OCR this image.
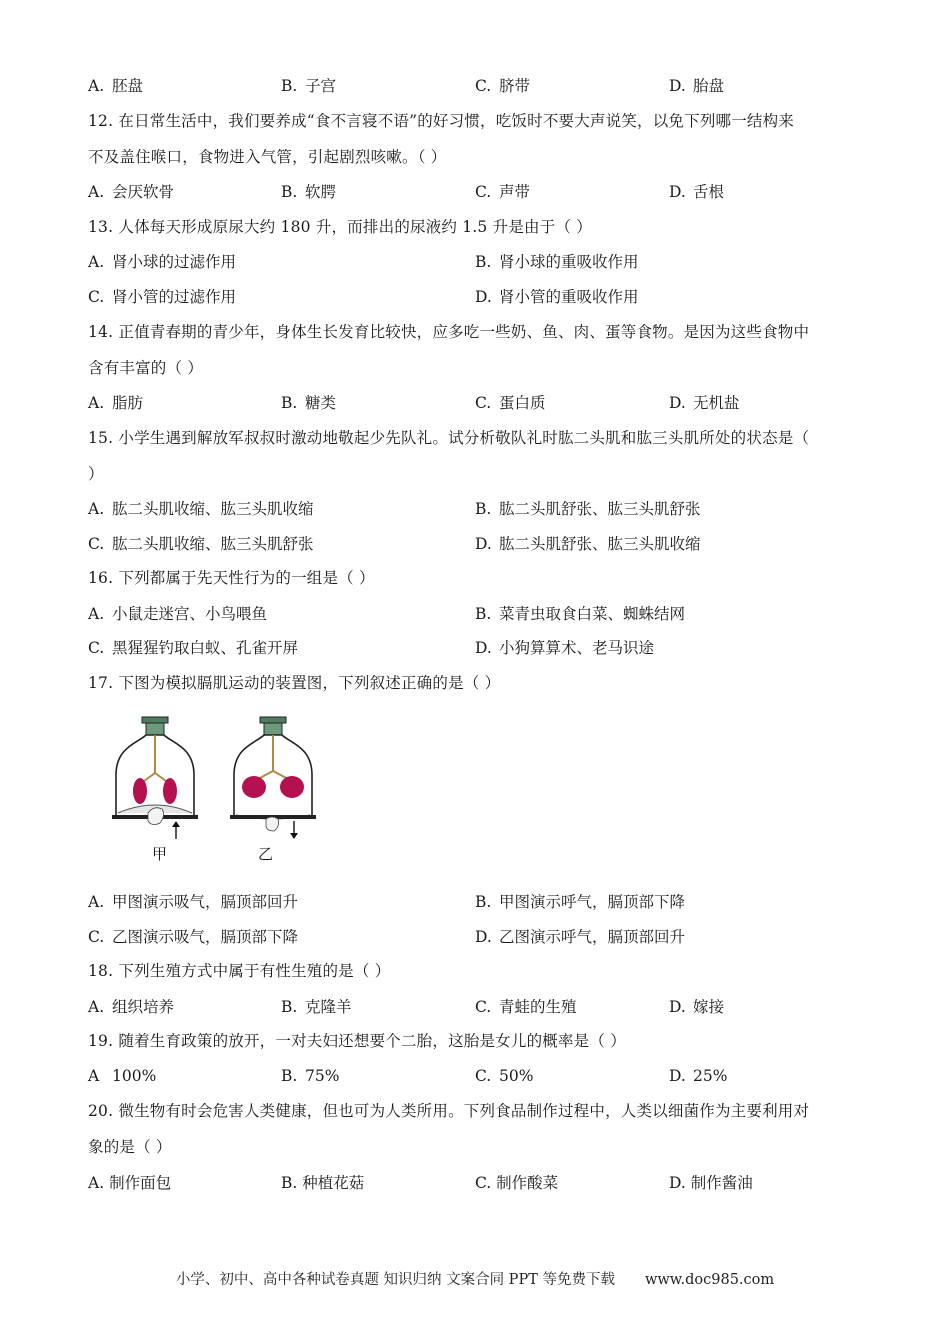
A. 胚盘	B. 子宫	C. 脐带	D. 胎盘
12. 在日常生活中，我们要养成“食不言寝不语”的好习惯，吃饭时不要大声说笑，以免下列哪一结构来
不及盖住喉口，食物进入气管，引起剧烈咳嗽。（ ）
A. 会厌软骨	B. 软腭	C. 声带	D. 舌根
13. 人体每天形成原尿大约 180 升，而排出的尿液约 1.5 升是由于（ ）
A. 肾小球的过滤作用	B. 肾小球的重吸收作用
C. 肾小管的过滤作用	D. 肾小管的重吸收作用
14. 正值青春期的青少年，身体生长发育比较快，应多吃一些奶、鱼、肉、蛋等食物。是因为这些食物中
含有丰富的（ ）
A. 脂肪	B. 糖类	C. 蛋白质	D. 无机盐
15. 小学生遇到解放军叔叔时激动地敬起少先队礼。试分析敬队礼时肱二头肌和肱三头肌所处的状态是（
）
A. 肱二头肌收缩、肱三头肌收缩	B. 肱二头肌舒张、肱三头肌舒张
C. 肱二头肌收缩、肱三头肌舒张	D. 肱二头肌舒张、肱三头肌收缩
16. 下列都属于先天性行为的一组是（ ）
A. 小鼠走迷宫、小鸟喂鱼	B. 菜青虫取食白菜、蜘蛛结网
C. 黑猩猩钓取白蚁、孔雀开屏	D. 小狗算算术、老马识途
17. 下图为模拟膈肌运动的装置图，下列叙述正确的是（ ）
甲	乙
A. 甲图演示吸气，膈顶部回升	B. 甲图演示呼气，膈顶部下降
C. 乙图演示吸气，膈顶部下降	D. 乙图演示呼气，膈顶部回升
18. 下列生殖方式中属于有性生殖的是（ ）
A. 组织培养	B. 克隆羊	C. 青蛙的生殖	D. 嫁接
19. 随着生育政策的放开，一对夫妇还想要个二胎，这胎是女儿的概率是（ ）
A 100%	B. 75%	C. 50%	D. 25%
20. 微生物有时会危害人类健康，但也可为人类所用。下列食品制作过程中，人类以细菌作为主要利用对
象的是（ ）
A. 制作面包	B. 种植花菇	C. 制作酸菜	D. 制作酱油
小学、初中、高中各种试卷真题 知识归纳 文案合同 PPT 等免费下载 www.doc985.com
